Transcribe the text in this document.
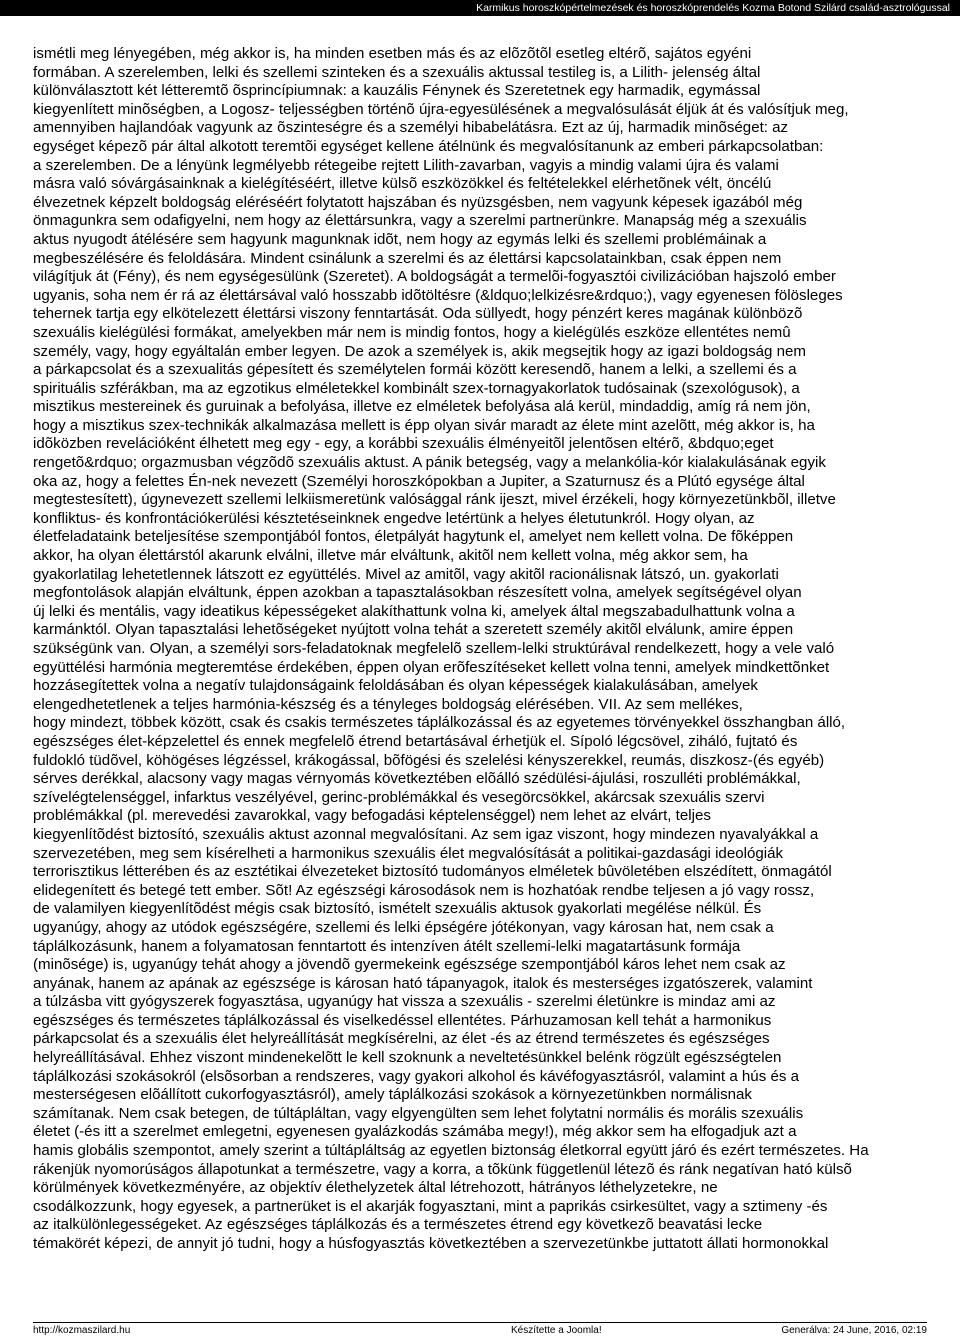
Karmikus horoszkópértelmezések és horoszkóprendelés Kozma Botond Szilárd család-asztrológussal
ismétli meg lényegében, még akkor is, ha minden esetben más és az elõzõtõl esetleg eltérõ, sajátos egyéni
formában. A szerelemben, lelki és szellemi szinteken és a szexuális aktussal testileg is, a Lilith- jelenség által
különválasztott két létteremtõ õsprincípiumnak: a kauzális Fénynek és Szeretetnek egy harmadik, egymással
kiegyenlített minõségben, a Logosz- teljességben történõ újra-egyesülésének a megvalósulását éljük át és valósítjuk meg,
amennyiben hajlandóak vagyunk az õszinteségre és a személyi hibabelátásra. Ezt az új, harmadik minõséget: az
egységet képezõ pár által alkotott teremtõi egységet kellene átélnünk és megvalósítanunk az emberi párkapcsolatban:
a szerelemben. De a lényünk legmélyebb rétegeibe rejtett Lilith-zavarban, vagyis a mindig valami újra és valami
másra való sóvárgásainknak a kielégítéséért, illetve külsõ eszközökkel és feltételekkel elérhetõnek vélt, öncélú
élvezetnek képzelt boldogság eléréséért folytatott hajszában és nyüzsgésben, nem vagyunk képesek igazából még
önmagunkra sem odafigyelni, nem hogy az élettársunkra, vagy a szerelmi partnerünkre. Manapság még a szexuális
aktus nyugodt átélésére sem hagyunk magunknak idõt, nem hogy az egymás lelki és szellemi problémáinak a
megbeszélésére és feloldására. Mindent csinálunk a szerelmi és az élettársi kapcsolatainkban, csak éppen nem
világítjuk át (Fény), és nem egységesülünk (Szeretet). A boldogságát a termelõi-fogyasztói civilizációban hajszoló ember
ugyanis, soha nem ér rá az élettársával való hosszabb idõtöltésre (&ldquo;lelkizésre&rdquo;), vagy egyenesen fölösleges
tehernek tartja egy elkötelezett élettársi viszony fenntartását. Oda süllyedt, hogy pénzért keres magának különbözõ
szexuális kielégülési formákat, amelyekben már nem is mindig fontos, hogy a kielégülés eszköze ellentétes nemû
személy, vagy, hogy egyáltalán ember legyen. De azok a személyek is, akik megsejtik hogy az igazi boldogság nem
a párkapcsolat és a szexualitás gépesített és személytelen formái között keresendõ, hanem a lelki, a szellemi és a
spirituális szférákban, ma az egzotikus elméletekkel kombinált szex-tornagyakorlatok tudósainak (szexológusok), a
misztikus mestereinek és guruinak a befolyása, illetve ez elméletek befolyása alá kerül, mindaddig, amíg rá nem jön,
hogy a misztikus szex-technikák alkalmazása mellett is épp olyan sivár maradt az élete mint azelõtt, még akkor is, ha
idõközben revelációként élhetett meg egy - egy, a korábbi szexuális élményeitõl jelentõsen eltérõ, &bdquo;eget
rengetõ&rdquo; orgazmusban végzõdõ szexuális aktust. A pánik betegség, vagy a melankólia-kór kialakulásának egyik
oka az, hogy a felettes Én-nek nevezett (Személyi horoszkópokban a Jupiter, a Szaturnusz és a Plútó egysége által
megtestesített), úgynevezett szellemi lelkiismeretünk valósággal ránk ijeszt, mivel érzékeli, hogy környezetünkbõl, illetve
konfliktus- és konfrontációkerülési késztetéseinknek engedve letértünk a helyes életutunkról. Hogy olyan, az
életfeladataink beteljesítése szempontjából fontos, életpályát hagytunk el, amelyet nem kellett volna. De fõképpen
akkor, ha olyan élettárstól akarunk elválni, illetve már elváltunk, akitõl nem kellett volna, még akkor sem, ha
gyakorlatilag lehetetlennek látszott ez együttélés. Mivel az amitõl, vagy akitõl racionálisnak látszó, un. gyakorlati
megfontolások alapján elváltunk, éppen azokban a tapasztalásokban részesített volna, amelyek segítségével olyan
új lelki és mentális, vagy ideatikus képességeket alakíthattunk volna ki, amelyek által megszabadulhattunk volna a
karmánktól. Olyan tapasztalási lehetõségeket nyújtott volna tehát a szeretett személy akitõl elválunk, amire éppen
szükségünk van. Olyan, a személyi sors-feladatoknak megfelelõ szellem-lelki struktúrával rendelkezett, hogy a vele való
együttélési harmónia megteremtése érdekében, éppen olyan erõfeszítéseket kellett volna tenni, amelyek mindkettõnket
hozzásegítettek volna a negatív tulajdonságaink feloldásában és olyan képességek kialakulásában, amelyek
elengedhetetlenek a teljes harmónia-készség és a tényleges boldogság elérésében. VII. Az sem mellékes,
hogy mindezt, többek között, csak és csakis természetes táplálkozással és az egyetemes törvényekkel összhangban álló,
egészséges élet-képzelettel és ennek megfelelõ étrend betartásával érhetjük el. Sípoló légcsövel, ziháló, fujtató és
fuldokló tüdõvel, köhögéses légzéssel, krákogással, bõfögési és szelelési kényszerekkel, reumás, diszkosz-(és egyéb)
sérves derékkal, alacsony vagy magas vérnyomás következtében elõálló szédülési-ájulási, roszulléti problémákkal,
szívelégtelenséggel, infarktus veszélyével, gerinc-problémákkal és vesegörcsökkel, akárcsak szexuális szervi
problémákkal (pl. merevedési zavarokkal, vagy befogadási képtelenséggel) nem lehet az elvárt, teljes
kiegyenlítõdést biztosító, szexuális aktust azonnal megvalósítani. Az sem igaz viszont, hogy mindezen nyavalyákkal a
szervezetében, meg sem kísérelheti a harmonikus szexuális élet megvalósítását a politikai-gazdasági ideológiák
terrorisztikus létterében és az esztétikai élvezeteket biztosító tudományos elméletek bûvöletében elszédített, önmagától
elidegenített és betegé tett ember. Sõt! Az egészségi károsodások nem is hozhatóak rendbe teljesen a jó vagy rossz,
de valamilyen kiegyenlítõdést mégis csak biztosító, ismételt szexuális aktusok gyakorlati megélése nélkül. És
ugyanúgy, ahogy az utódok egészségére, szellemi és lelki épségére jótékonyan, vagy károsan hat, nem csak a
táplálkozásunk, hanem a folyamatosan fenntartott és intenzíven átélt szellemi-lelki magatartásunk formája
(minõsége) is, ugyanúgy tehát ahogy a jövendõ gyermekeink egészsége szempontjából káros lehet nem csak az
anyának, hanem az apának az egészsége is károsan ható tápanyagok, italok és mesterséges izgatószerek, valamint
a túlzásba vitt gyógyszerek fogyasztása, ugyanúgy hat vissza a szexuális - szerelmi életünkre is mindaz ami az
egészséges és természetes táplálkozással és viselkedéssel ellentétes. Párhuzamosan kell tehát a harmonikus
párkapcsolat és a szexuális élet helyreállítását megkísérelni, az élet -és az étrend természetes és egészséges
helyreállításával. Ehhez viszont mindenekelõtt le kell szoknunk a neveltetésünkkel belénk rögzült egészségtelen
táplálkozási szokásokról (elsõsorban a rendszeres, vagy gyakori alkohol és kávéfogyasztásról, valamint a hús és a
mesterségesen elõállított cukorfogyasztásról), amely táplálkozási szokások a környezetünkben normálisnak
számítanak. Nem csak betegen, de túltápláltan, vagy elgyengülten sem lehet folytatni normális és morális szexuális
életet (-és itt a szerelmet emlegetni, egyenesen gyalázkodás számába megy!), még akkor sem ha elfogadjuk azt a
hamis globális szempontot, amely szerint a túltápláltság az egyetlen biztonság életkorral együtt járó és ezért természetes. Ha
rákenjük nyomorúságos állapotunkat a természetre, vagy a korra, a tõkünk függetlenül létezõ és ránk negatívan ható külsõ
körülmények következményére, az objektív élethelyzetek által létrehozott, hátrányos léthelyzetekre, ne
csodálkozzunk, hogy egyesek, a partnerüket is el akarják fogyasztani, mint a paprikás csirkesültet, vagy a sztimeny -és
az italkülönlegességeket. Az egészséges táplálkozás és a természetes étrend egy következõ beavatási lecke
témakörét képezi, de annyit jó tudni, hogy a húsfogyasztás következtében a szervezetünkbe juttatott állati hormonokkal
http://kozmaszilard.hu	Készítette a Joomla!	Generálva: 24 June, 2016, 02:19
